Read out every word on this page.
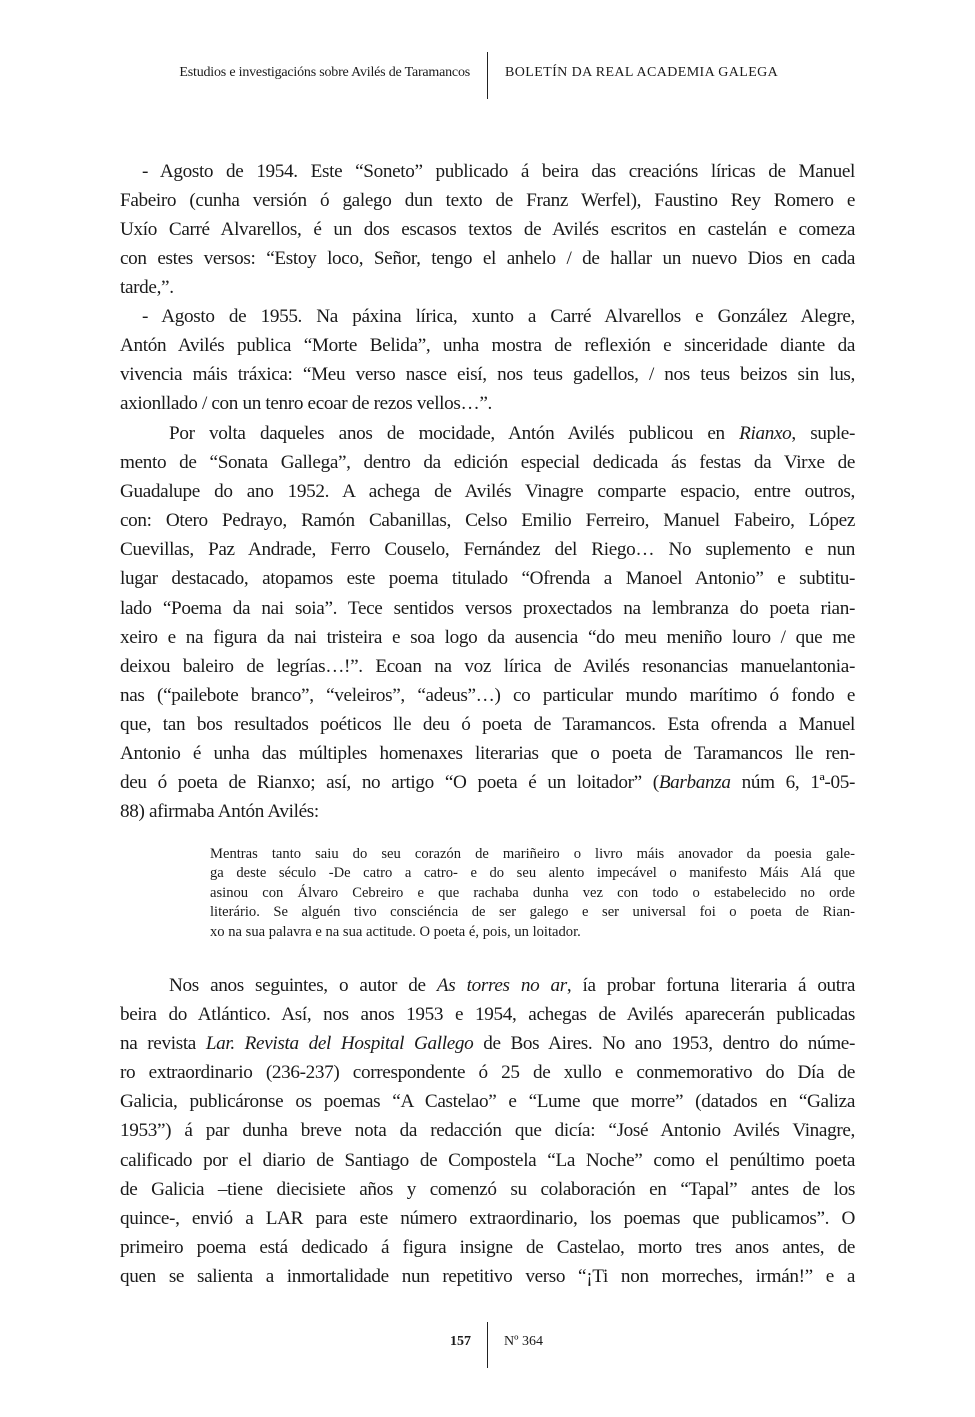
Estudios e investigacións sobre Avilés de Taramancos	BOLETÍN DA REAL ACADEMIA GALEGA
- Agosto de 1954. Este “Soneto” publicado á beira das creacións líricas de Manuel
Fabeiro (cunha versión ó galego dun texto de Franz Werfel), Faustino Rey Romero e
Uxío Carré Alvarellos, é un dos escasos textos de Avilés escritos en castelán e comeza
con estes versos: “Estoy loco, Señor, tengo el anhelo / de hallar un nuevo Dios en cada
tarde,”.
- Agosto de 1955. Na páxina lírica, xunto a Carré Alvarellos e González Alegre,
Antón Avilés publica “Morte Belida”, unha mostra de reflexión e sinceridade diante da
vivencia máis tráxica: “Meu verso nasce eisí, nos teus gadellos, / nos teus beizos sin lus,
axionllado / con un tenro ecoar de rezos vellos…”.
Por volta daqueles anos de mocidade, Antón Avilés publicou en Rianxo, suple-
mento de “Sonata Gallega”, dentro da edición especial dedicada ás festas da Virxe de
Guadalupe do ano 1952. A achega de Avilés Vinagre comparte espacio, entre outros,
con: Otero Pedrayo, Ramón Cabanillas, Celso Emilio Ferreiro, Manuel Fabeiro, López
Cuevillas, Paz Andrade, Ferro Couselo, Fernández del Riego… No suplemento e nun
lugar destacado, atopamos este poema titulado “Ofrenda a Manoel Antonio” e subtitu-
lado “Poema da nai soia”. Tece sentidos versos proxectados na lembranza do poeta rian-
xeiro e na figura da nai tristeira e soa logo da ausencia “do meu meniño louro / que me
deixou baleiro de legrías…!”. Ecoan na voz lírica de Avilés resonancias manuelantonia-
nas (“pailebote branco”, “veleiros”, “adeus”…) co particular mundo marítimo ó fondo e
que, tan bos resultados poéticos lle deu ó poeta de Taramancos. Esta ofrenda a Manuel
Antonio é unha das múltiples homenaxes literarias que o poeta de Taramancos lle ren-
deu ó poeta de Rianxo; así, no artigo “O poeta é un loitador” (Barbanza núm 6, 1ª-05-
88) afirmaba Antón Avilés:
Mentras tanto saiu do seu corazón de mariñeiro o livro máis anovador da poesia gale-
ga deste século -De catro a catro- e do seu alento impecável o manifesto Máis Alá que
asinou con Álvaro Cebreiro e que rachaba dunha vez con todo o estabelecido no orde
literário. Se alguén tivo consciéncia de ser galego e ser universal foi o poeta de Rian-
xo na sua palavra e na sua actitude. O poeta é, pois, un loitador.
Nos anos seguintes, o autor de As torres no ar, ía probar fortuna literaria á outra
beira do Atlántico. Así, nos anos 1953 e 1954, achegas de Avilés aparecerán publicadas
na revista Lar. Revista del Hospital Gallego de Bos Aires. No ano 1953, dentro do núme-
ro extraordinario (236-237) correspondente ó 25 de xullo e conmemorativo do Día de
Galicia, publicáronse os poemas “A Castelao” e “Lume que morre” (datados en “Galiza
1953”) á par dunha breve nota da redacción que dicía: “José Antonio Avilés Vinagre,
calificado por el diario de Santiago de Compostela “La Noche” como el penúltimo poeta
de Galicia –tiene diecisiete años y comenzó su colaboración en “Tapal” antes de los
quince-, envió a LAR para este número extraordinario, los poemas que publicamos”. O
primeiro poema está dedicado á figura insigne de Castelao, morto tres anos antes, de
quen se salienta a inmortalidade nun repetitivo verso “¡Ti non morreches, irmán!” e a
157 Nº 364
